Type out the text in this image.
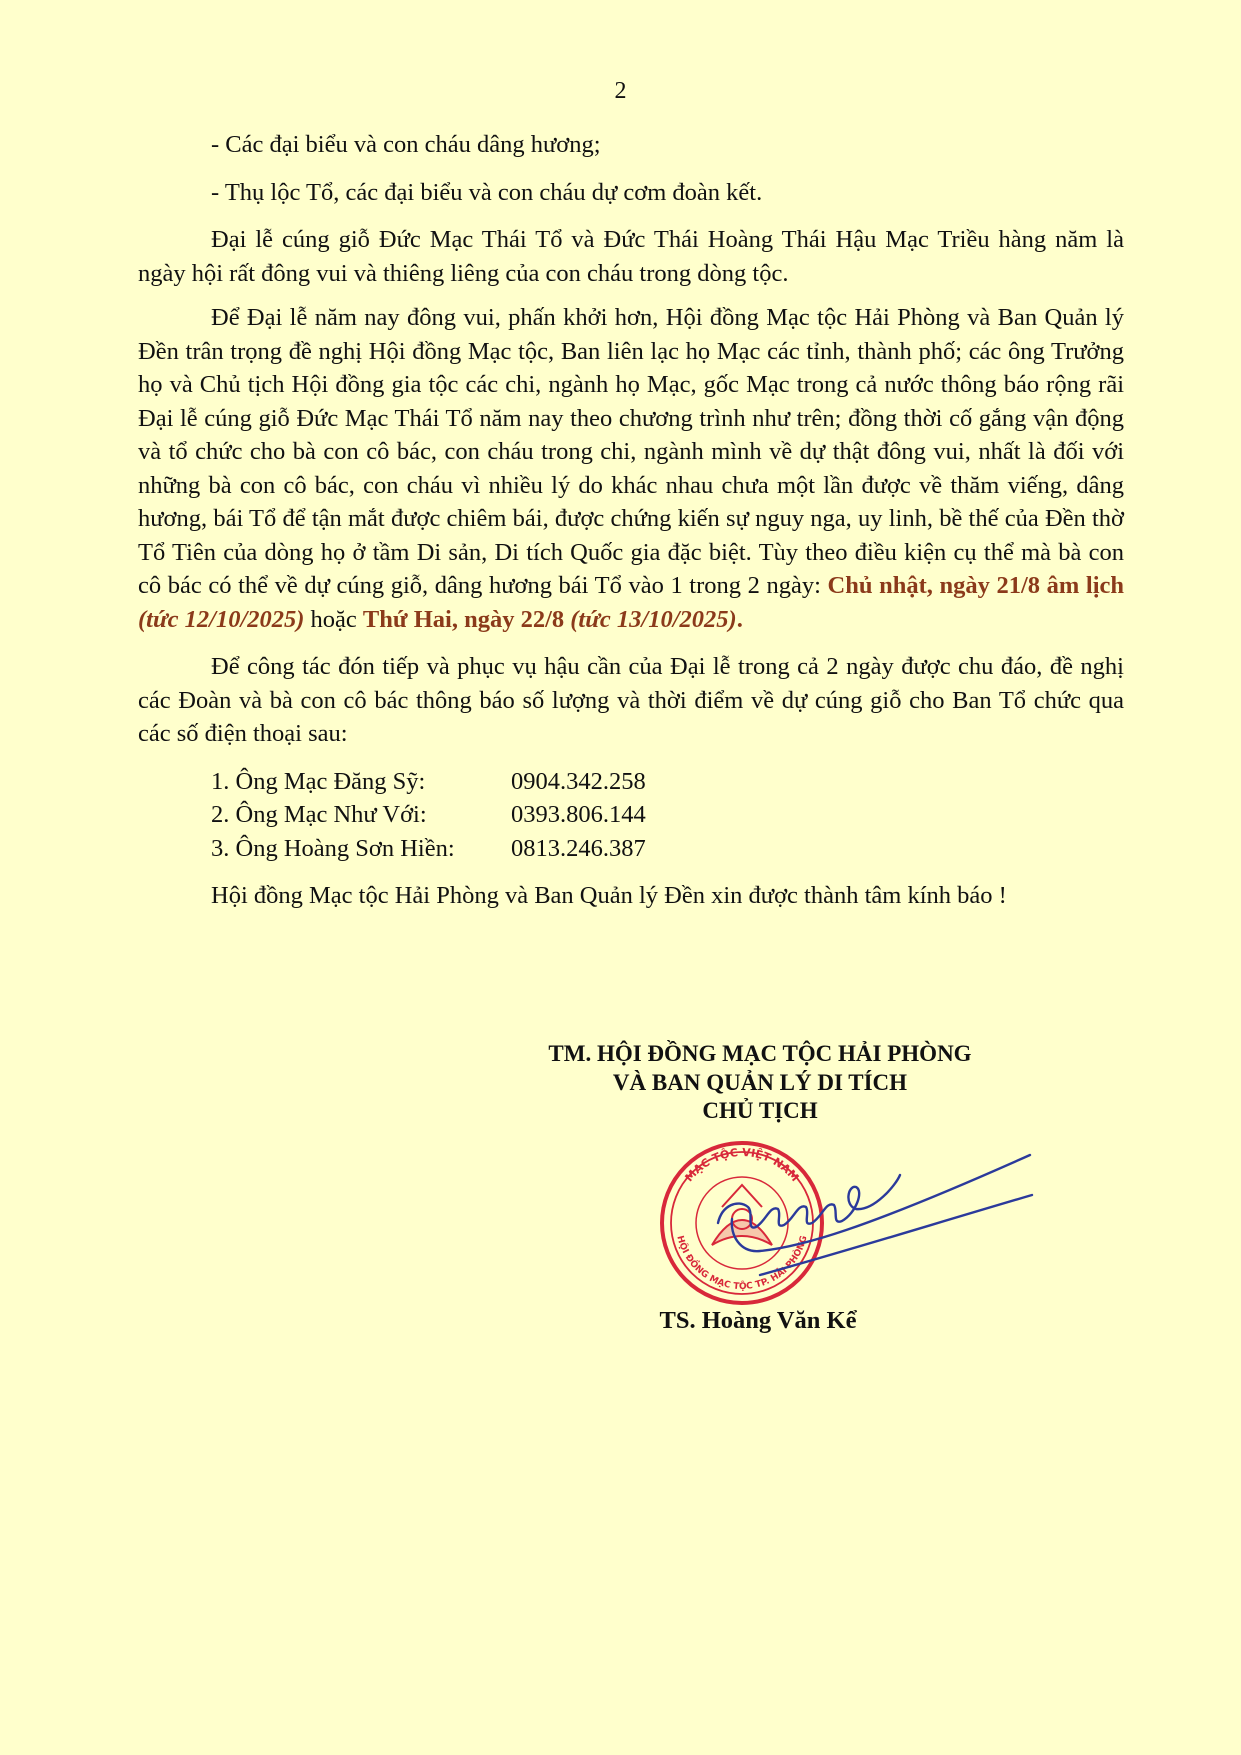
2

- Các đại biểu và con cháu dâng hương;

- Thụ lộc Tổ, các đại biểu và con cháu dự cơm đoàn kết.

Đại lễ cúng giỗ Đức Mạc Thái Tổ và Đức Thái Hoàng Thái Hậu Mạc Triều hàng năm là ngày hội rất đông vui và thiêng liêng của con cháu trong dòng tộc.

Để Đại lễ năm nay đông vui, phấn khởi hơn, Hội đồng Mạc tộc Hải Phòng và Ban Quản lý Đền trân trọng đề nghị Hội đồng Mạc tộc, Ban liên lạc họ Mạc các tỉnh, thành phố; các ông Trưởng họ và Chủ tịch Hội đồng gia tộc các chi, ngành họ Mạc, gốc Mạc trong cả nước thông báo rộng rãi Đại lễ cúng giỗ Đức Mạc Thái Tổ năm nay theo chương trình như trên; đồng thời cố gắng vận động và tổ chức cho bà con cô bác, con cháu trong chi, ngành mình về dự thật đông vui, nhất là đối với những bà con cô bác, con cháu vì nhiều lý do khác nhau chưa một lần được về thăm viếng, dâng hương, bái Tổ để tận mắt được chiêm bái, được chứng kiến sự nguy nga, uy linh, bề thế của Đền thờ Tổ Tiên của dòng họ ở tầm Di sản, Di tích Quốc gia đặc biệt. Tùy theo điều kiện cụ thể mà bà con cô bác có thể về dự cúng giỗ, dâng hương bái Tổ vào 1 trong 2 ngày: Chủ nhật, ngày 21/8 âm lịch (tức 12/10/2025) hoặc Thứ Hai, ngày 22/8 (tức 13/10/2025).

Để công tác đón tiếp và phục vụ hậu cần của Đại lễ trong cả 2 ngày được chu đáo, đề nghị các Đoàn và bà con cô bác thông báo số lượng và thời điểm về dự cúng giỗ cho Ban Tổ chức qua các số điện thoại sau:

1. Ông Mạc Đăng Sỹ:	0904.342.258
2. Ông Mạc Như Với:	0393.806.144
3. Ông Hoàng Sơn Hiền:	0813.246.387

Hội đồng Mạc tộc Hải Phòng và Ban Quản lý Đền xin được thành tâm kính báo !

TM. HỘI ĐỒNG MẠC TỘC HẢI PHÒNG
VÀ BAN QUẢN LÝ DI TÍCH
CHỦ TỊCH
MẠC TỘC VIỆT NAM
HỘI ĐỒNG MẠC TỘC TP. HẢI PHÒNG
TS. Hoàng Văn Kể
